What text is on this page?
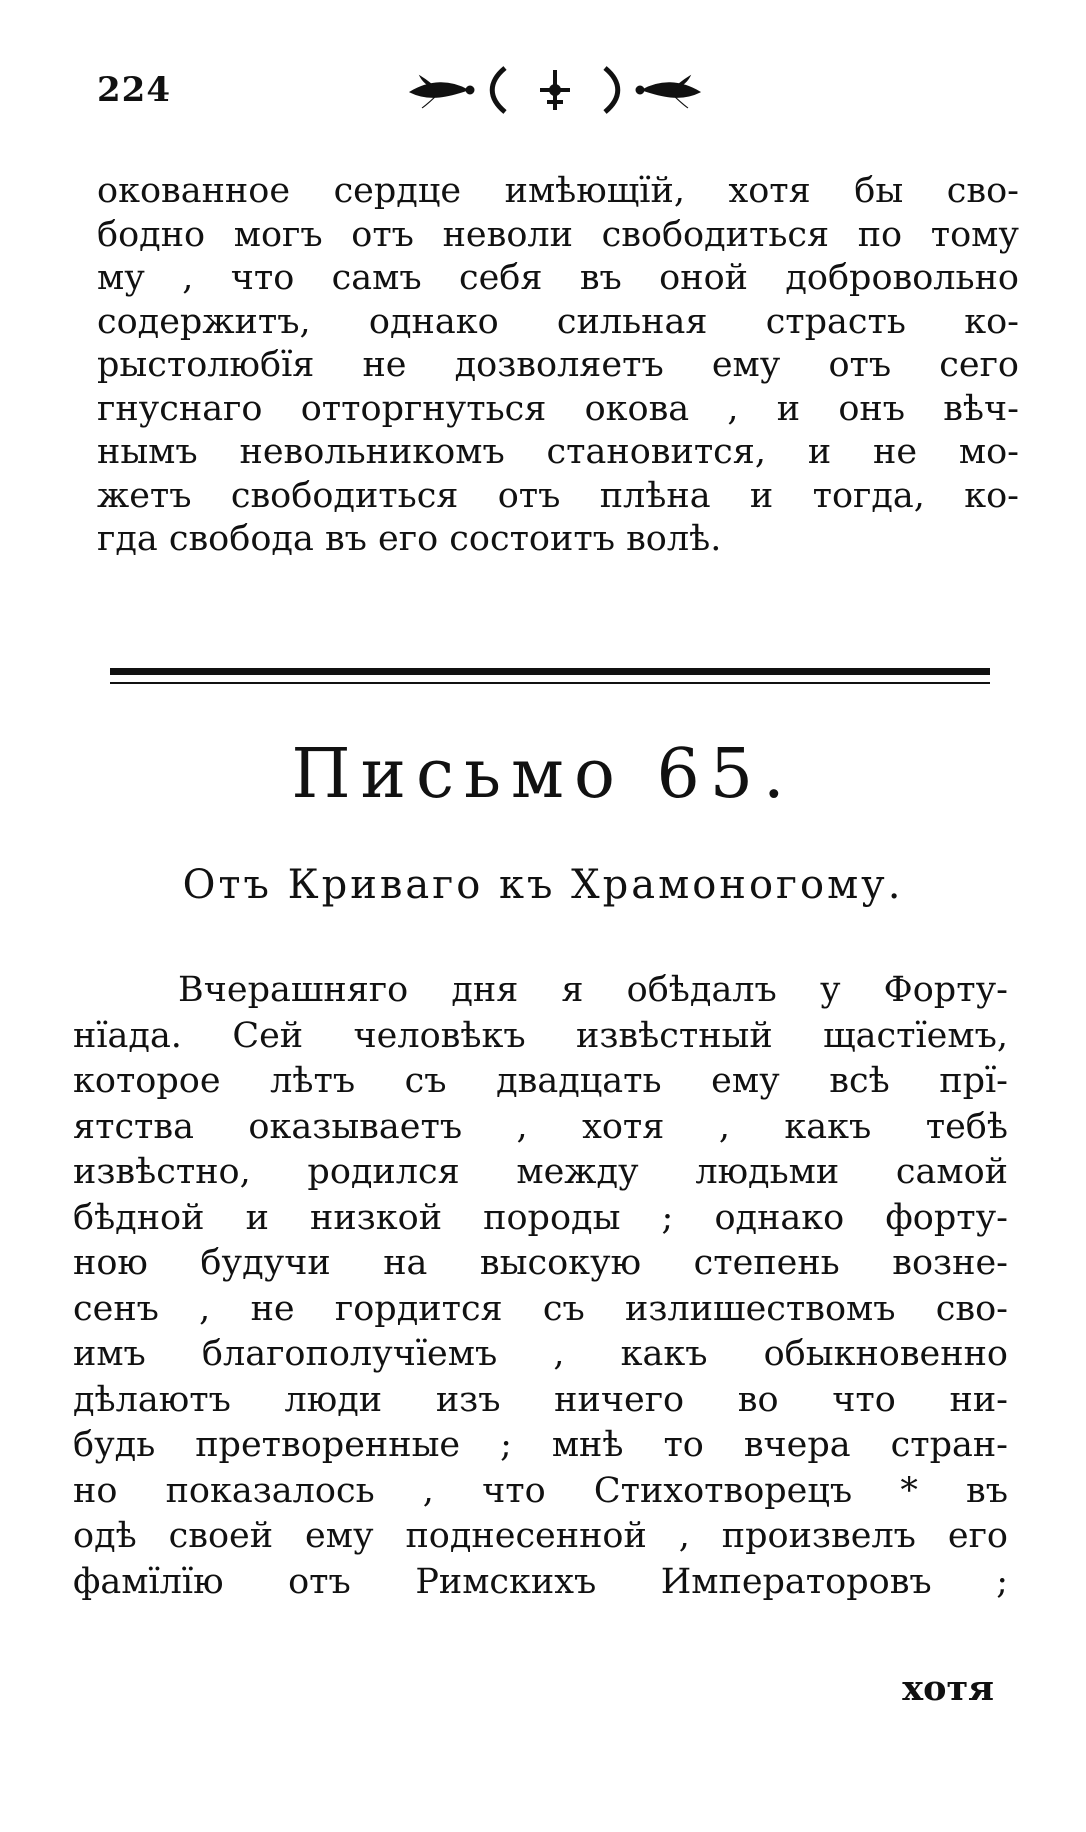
224
окованное сердце имѣющїй, хотя бы сво-
бодно могъ отъ неволи свободиться по тому
му , что самъ себя въ оной добровольно
содержитъ, однако сильная страсть ко-
рыстолюбїя не дозволяетъ ему отъ сего
гнуснаго оттоpгнуться окова , и онъ вѣч-
нымъ невольникомъ становится, и не мо-
жетъ свободиться отъ плѣна и тогда, ко-
гда свобода въ его состоитъ волѣ.
Письмо 65.
Отъ Криваго къ Храмоногому.
Вчерашняго дня я обѣдалъ у Форту-
нїада. Сей человѣкъ извѣстный щастїемъ,
которое лѣтъ съ двадцать ему всѣ прї-
ятства оказываетъ , хотя , какъ тебѣ
извѣстно, родился между людьми самой
бѣдной и низкой породы ; однако форту-
ною будучи на высокую степень возне-
сенъ , не гордится съ излишествомъ сво-
имъ благополучїемъ , какъ обыкновенно
дѣлаютъ люди изъ ничего во что ни-
будь претворенные ; мнѣ то вчера стран-
но показалось , что Стихотворецъ * въ
одѣ своей ему поднесенной , произвелъ его
фамїлїю отъ Римскихъ Императоровъ ;
хотя
